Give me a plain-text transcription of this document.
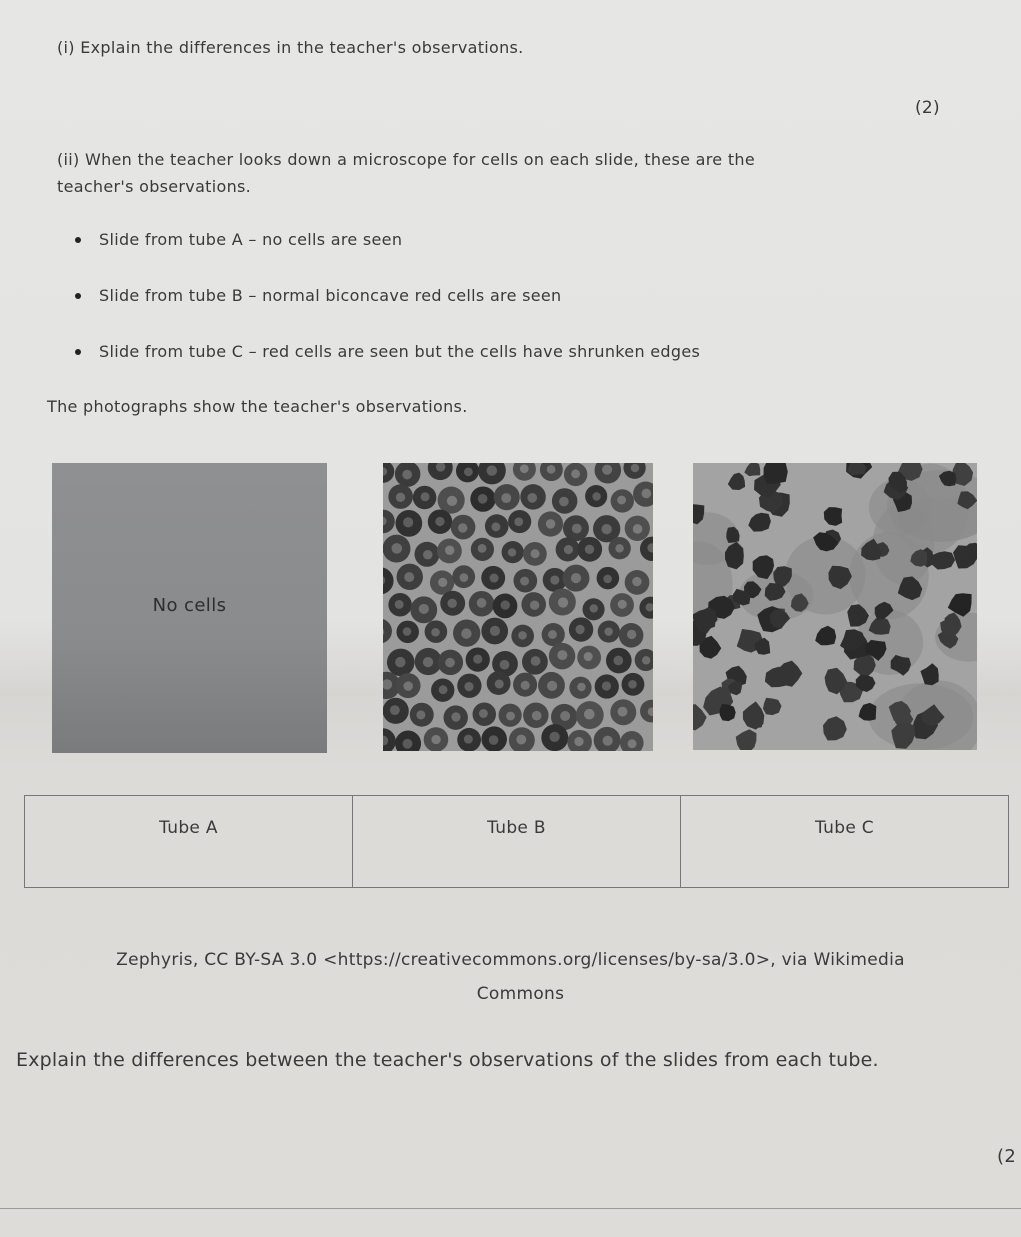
(i) Explain the differences in the teacher's observations.
(2)
(ii) When the teacher looks down a microscope for cells on each slide, these are the
teacher's observations.
Slide from tube A – no cells are seen
Slide from tube B – normal biconcave red cells are seen
Slide from tube C – red cells are seen but the cells have shrunken edges
The photographs show the teacher's observations.
No cells
Tube A	Tube B	Tube C
Zephyris, CC BY-SA 3.0 <https://creativecommons.org/licenses/by-sa/3.0>, via Wikimedia
Commons
Explain the differences between the teacher's observations of the slides from each tube.
(2
